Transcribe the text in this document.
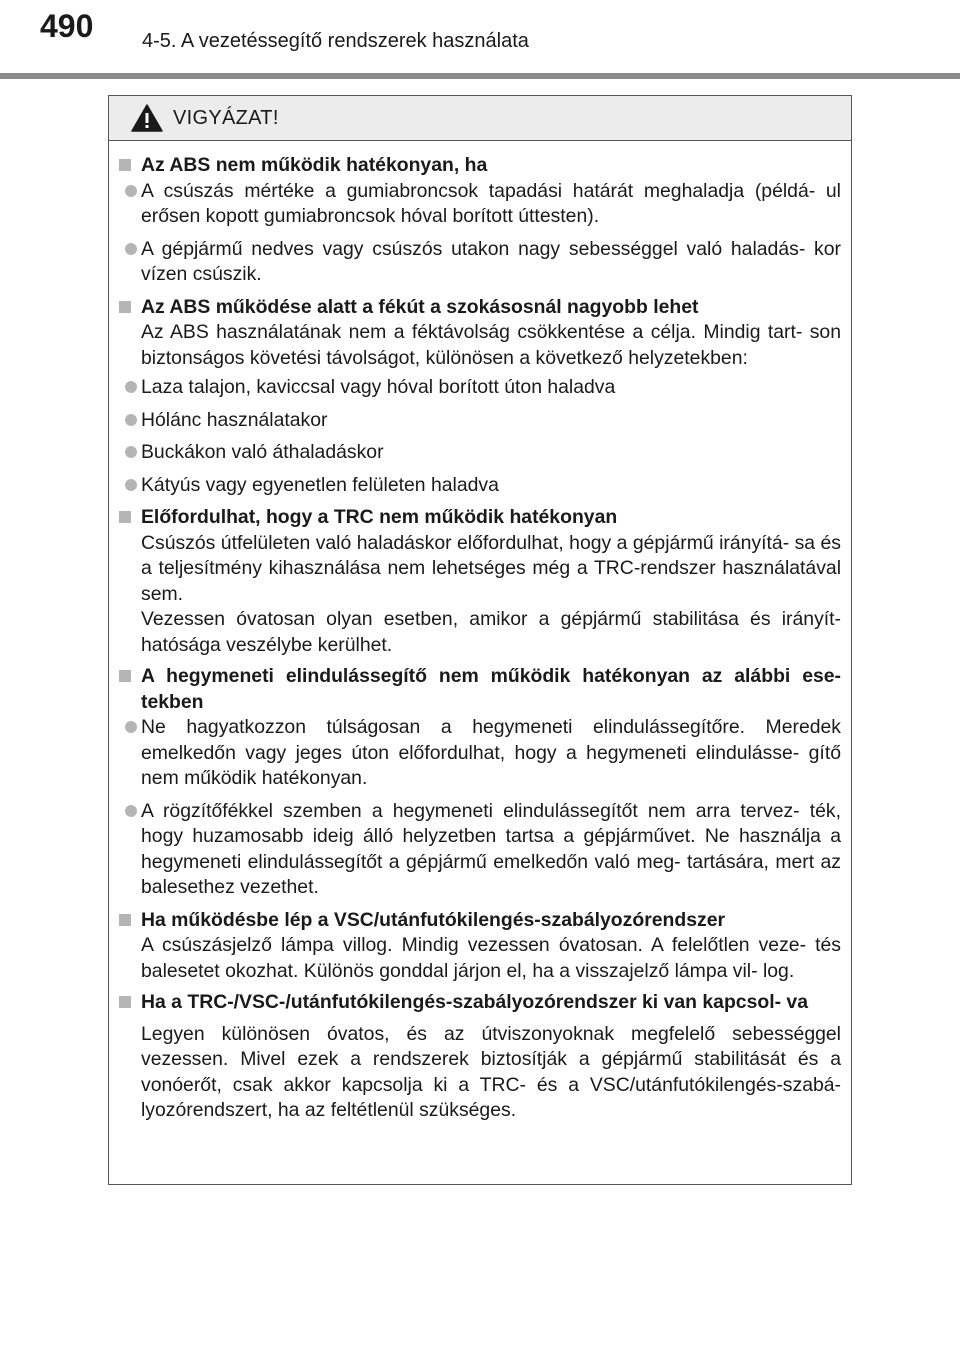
490 4-5. A vezetéssegítő rendszerek használata
VIGYÁZAT!
Az ABS nem működik hatékonyan, ha
A csúszás mértéke a gumiabroncsok tapadási határát meghaladja (példá- ul erősen kopott gumiabroncsok hóval borított úttesten).
A gépjármű nedves vagy csúszós utakon nagy sebességgel való haladás- kor vízen csúszik.
Az ABS működése alatt a fékút a szokásosnál nagyobb lehet
Az ABS használatának nem a féktávolság csökkentése a célja. Mindig tart- son biztonságos követési távolságot, különösen a következő helyzetekben:
Laza talajon, kaviccsal vagy hóval borított úton haladva
Hólánc használatakor
Buckákon való áthaladáskor
Kátyús vagy egyenetlen felületen haladva
Előfordulhat, hogy a TRC nem működik hatékonyan
Csúszós útfelületen való haladáskor előfordulhat, hogy a gépjármű irányítá- sa és a teljesítmény kihasználása nem lehetséges még a TRC-rendszer használatával sem.
Vezessen óvatosan olyan esetben, amikor a gépjármű stabilitása és irányít- hatósága veszélybe kerülhet.
A hegymeneti elindulássegítő nem működik hatékonyan az alábbi ese- tekben
Ne hagyatkozzon túlságosan a hegymeneti elindulássegítőre. Meredek emelkedőn vagy jeges úton előfordulhat, hogy a hegymeneti elindulásse- gítő nem működik hatékonyan.
A rögzítőfékkel szemben a hegymeneti elindulássegítőt nem arra tervez- ték, hogy huzamosabb ideig álló helyzetben tartsa a gépjárművet. Ne használja a hegymeneti elindulássegítőt a gépjármű emelkedőn való meg- tartására, mert az balesethez vezethet.
Ha működésbe lép a VSC/utánfutókilengés-szabályozórendszer
A csúszásjelző lámpa villog. Mindig vezessen óvatosan. A felelőtlen veze- tés balesetet okozhat. Különös gonddal járjon el, ha a visszajelző lámpa vil- log.
Ha a TRC-/VSC-/utánfutókilengés-szabályozórendszer ki van kapcsol- va
Legyen különösen óvatos, és az útviszonyoknak megfelelő sebességgel vezessen. Mivel ezek a rendszerek biztosítják a gépjármű stabilitását és a vonóerőt, csak akkor kapcsolja ki a TRC- és a VSC/utánfutókilengés-szabá- lyozórendszert, ha az feltétlenül szükséges.
